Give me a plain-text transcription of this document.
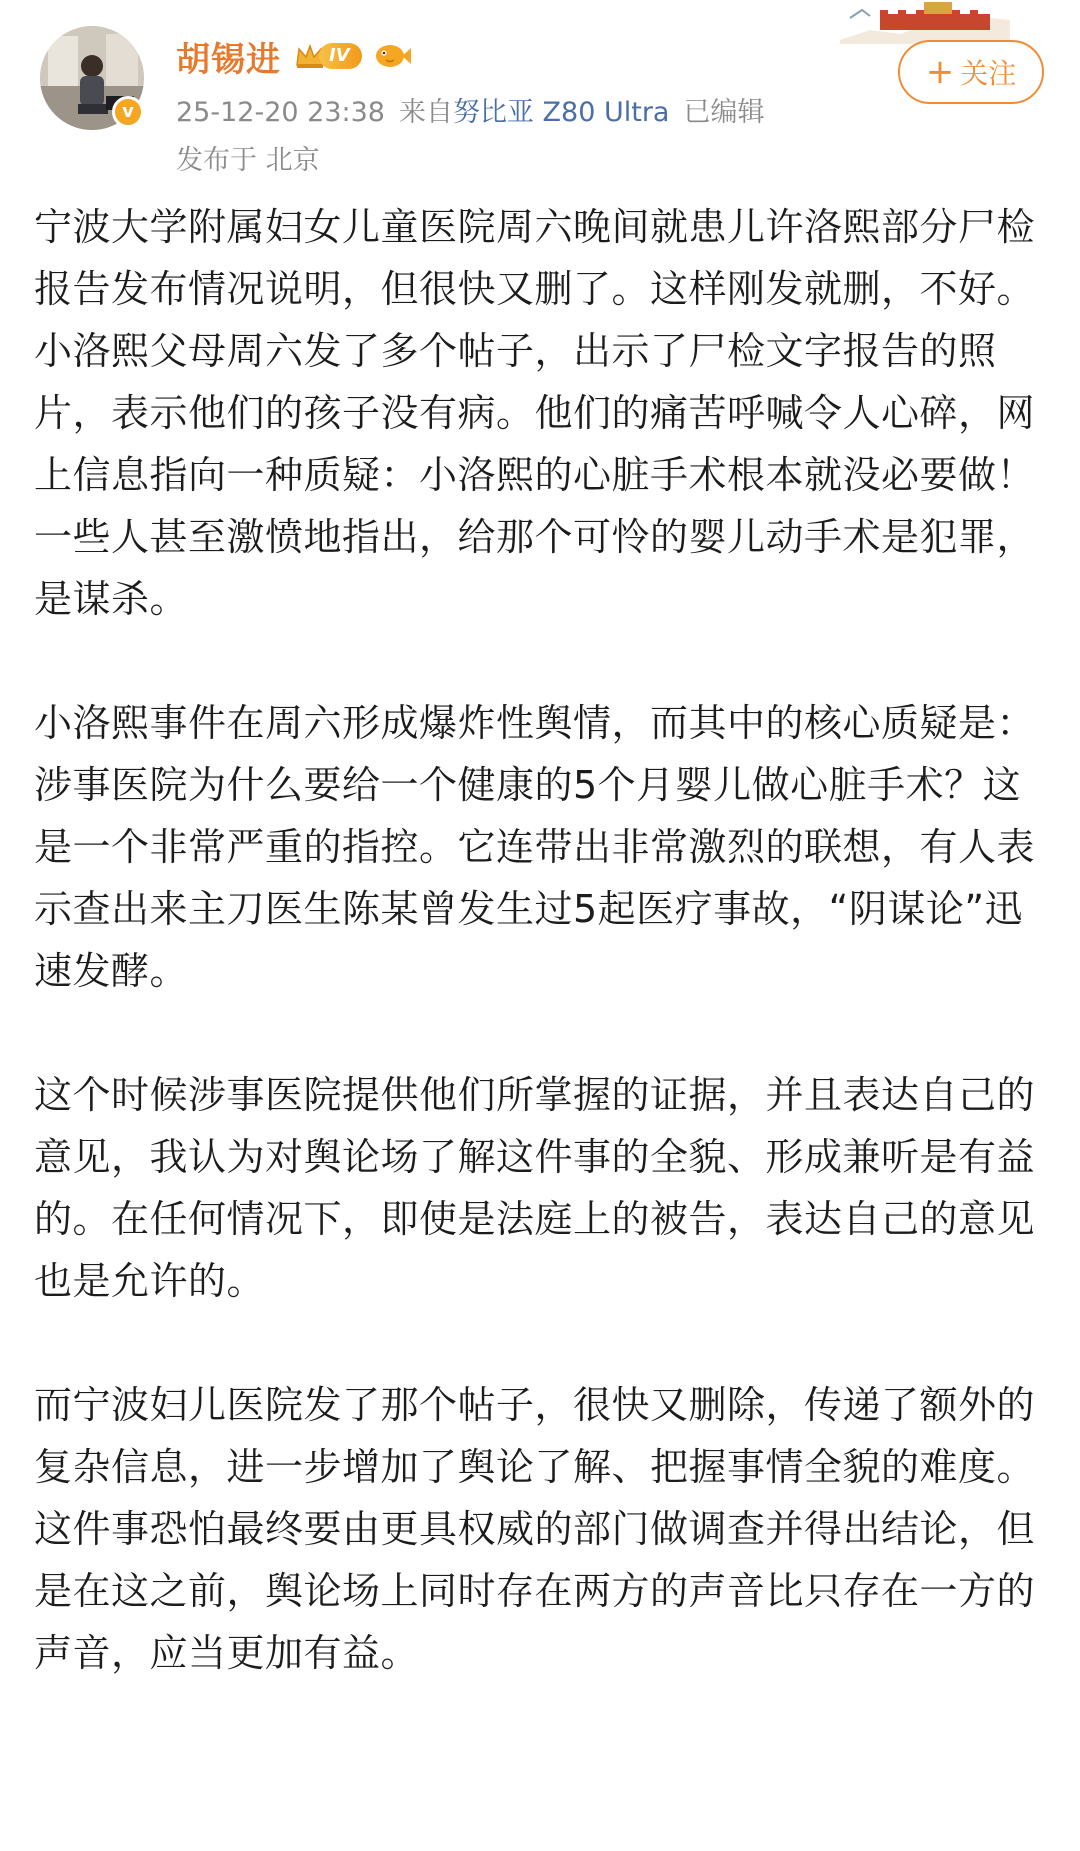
v
胡锡进	IV
25-12-20 23:38 来自努比亚 Z80 Ultra 已编辑
发布于 北京
+ 关注

宁波大学附属妇女儿童医院周六晚间就患儿许洛熙部分尸检报告发布情况说明，但很快又删了。这样刚发就删，不好。

小洛熙父母周六发了多个帖子，出示了尸检文字报告的照片，表示他们的孩子没有病。他们的痛苦呼喊令人心碎，网上信息指向一种质疑：小洛熙的心脏手术根本就没必要做！一些人甚至激愤地指出，给那个可怜的婴儿动手术是犯罪，是谋杀。

小洛熙事件在周六形成爆炸性舆情，而其中的核心质疑是：涉事医院为什么要给一个健康的5个月婴儿做心脏手术？这是一个非常严重的指控。它连带出非常激烈的联想，有人表示查出来主刀医生陈某曾发生过5起医疗事故，“阴谋论”迅速发酵。

这个时候涉事医院提供他们所掌握的证据，并且表达自己的意见，我认为对舆论场了解这件事的全貌、形成兼听是有益的。在任何情况下，即使是法庭上的被告，表达自己的意见也是允许的。

而宁波妇儿医院发了那个帖子，很快又删除，传递了额外的复杂信息，进一步增加了舆论了解、把握事情全貌的难度。这件事恐怕最终要由更具权威的部门做调查并得出结论，但是在这之前，舆论场上同时存在两方的声音比只存在一方的声音，应当更加有益。
